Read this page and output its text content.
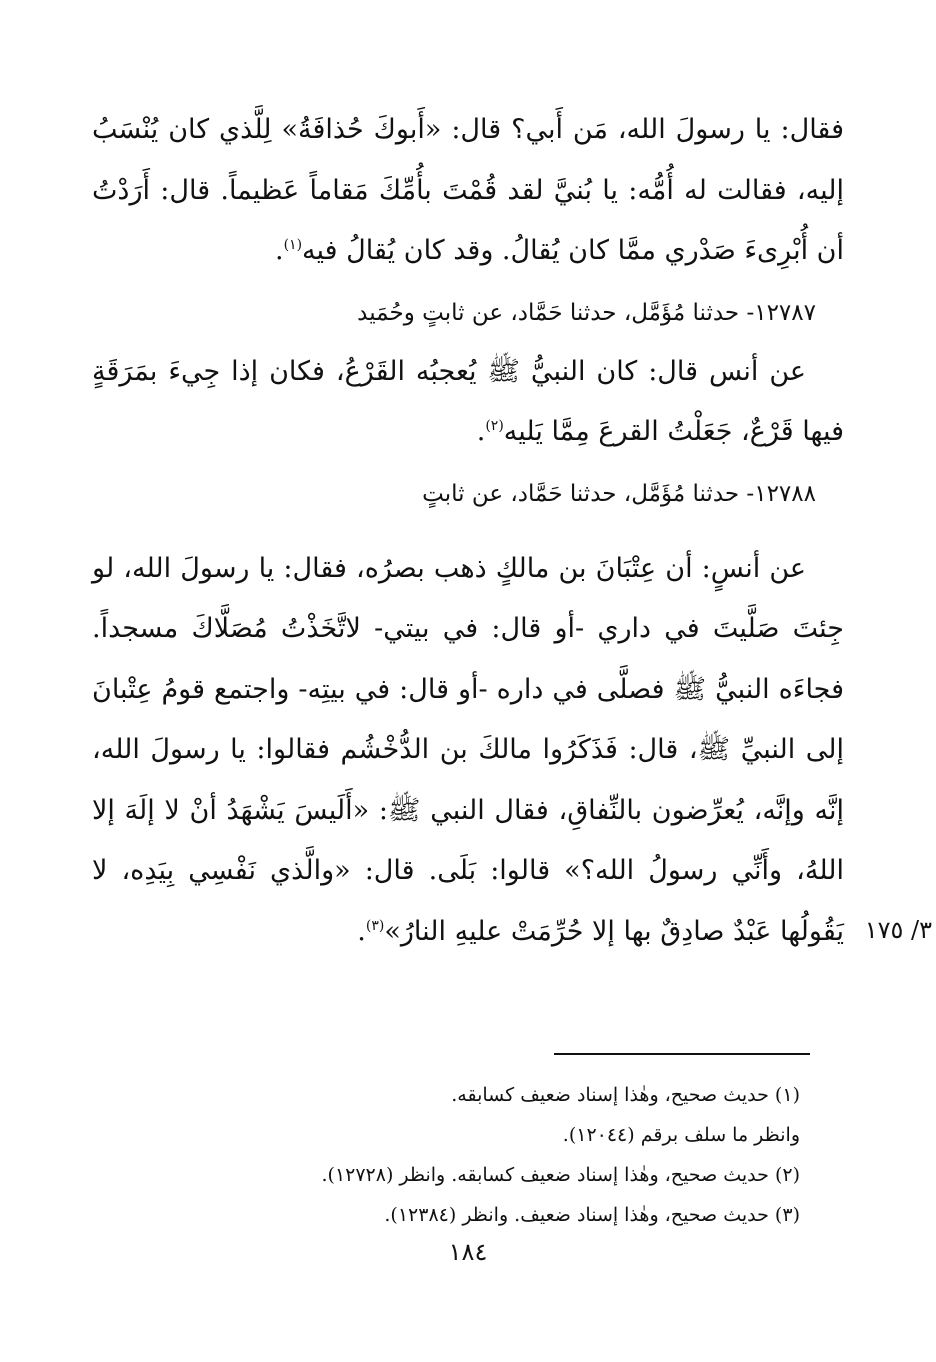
فقال: يا رسولَ الله، مَن أَبي؟ قال: «أَبوكَ حُذافَةُ» لِلَّذي كان يُنْسَبُ إليه، فقالت له أُمُّه: يا بُنيَّ لقد قُمْتَ بأُمِّكَ مَقاماً عَظيماً. قال: أَرَدْتُ أن أُبْرِىءَ صَدْري ممَّا كان يُقالُ. وقد كان يُقالُ فيه$^{(١)}$.

١٢٧٨٧- حدثنا مُؤَمَّل، حدثنا حَمَّاد، عن ثابتٍ وحُمَيد

عن أنس قال: كان النبيُّ ﷺ يُعجبُه القَرْعُ، فكان إذا جِيءَ بمَرَقَةٍ فيها قَرْعٌ، جَعَلْتُ القرعَ مِمَّا يَليه$^{(٢)}$.

١٢٧٨٨- حدثنا مُؤَمَّل، حدثنا حَمَّاد، عن ثابتٍ

عن أنسٍ: أن عِتْبَانَ بن مالكٍ ذهب بصرُه، فقال: يا رسولَ الله، لو جِئتَ صَلَّيتَ في داري -أو قال: في بيتي- لاتَّخَذْتُ مُصَلَّاكَ مسجداً. فجاءَه النبيُّ ﷺ فصلَّى في داره -أو قال: في بيتِه- واجتمع قومُ عِتْبانَ إلى النبيِّ ﷺ، قال: فَذَكَرُوا مالكَ بن الدُّخْشُم فقالوا: يا رسولَ الله، إنَّه وإنَّه، يُعرِّضون بالنِّفاقِ، فقال النبي ﷺ: «أَلَيسَ يَشْهَدُ أنْ لا إلَهَ إلا اللهُ، وأَنِّي رسولُ الله؟» قالوا: بَلَى. قال: «والَّذي نَفْسِي بِيَدِه، لا يَقُولُها عَبْدٌ صادِقٌ بها إلا حُرِّمَتْ عليهِ النارُ»$^{(٣)}$.	٣/ ١٧٥

(١) حديث صحيح، وهٰذا إسناد ضعيف كسابقه.

وانظر ما سلف برقم (١٢٠٤٤).

(٢) حديث صحيح، وهٰذا إسناد ضعيف كسابقه. وانظر (١٢٧٢٨).

(٣) حديث صحيح، وهٰذا إسناد ضعيف. وانظر (١٢٣٨٤).

١٨٤
